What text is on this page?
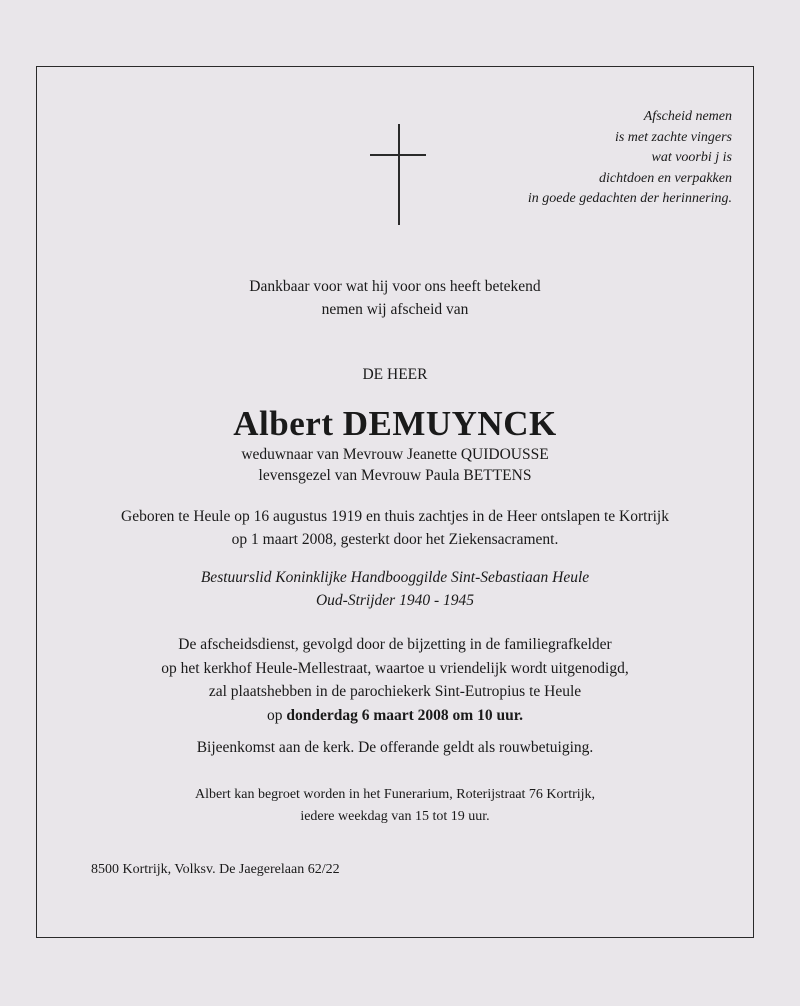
Afscheid nemen
is met zachte vingers
wat voorbi j is
dichtdoen en verpakken
in goede gedachten der herinnering.
Dankbaar voor wat hij voor ons heeft betekend
nemen wij afscheid van
DE HEER
Albert DEMUYNCK
weduwnaar van Mevrouw Jeanette QUIDOUSSE
levensgezel van Mevrouw Paula BETTENS
Geboren te Heule op 16 augustus 1919 en thuis zachtjes in de Heer ontslapen te Kortrijk
op 1 maart 2008, gesterkt door het Ziekensacrament.
Bestuurslid Koninklijke Handbooggilde Sint-Sebastiaan Heule
Oud-Strijder 1940 - 1945
De afscheidsdienst, gevolgd door de bijzetting in de familiegrafkelder
op het kerkhof Heule-Mellestraat, waartoe u vriendelijk wordt uitgenodigd,
zal plaatshebben in de parochiekerk Sint-Eutropius te Heule
op donderdag 6 maart 2008 om 10 uur.
Bijeenkomst aan de kerk. De offerande geldt als rouwbetuiging.
Albert kan begroet worden in het Funerarium, Roterijstraat 76 Kortrijk,
iedere weekdag van 15 tot 19 uur.
8500 Kortrijk, Volksv. De Jaegerelaan 62/22
